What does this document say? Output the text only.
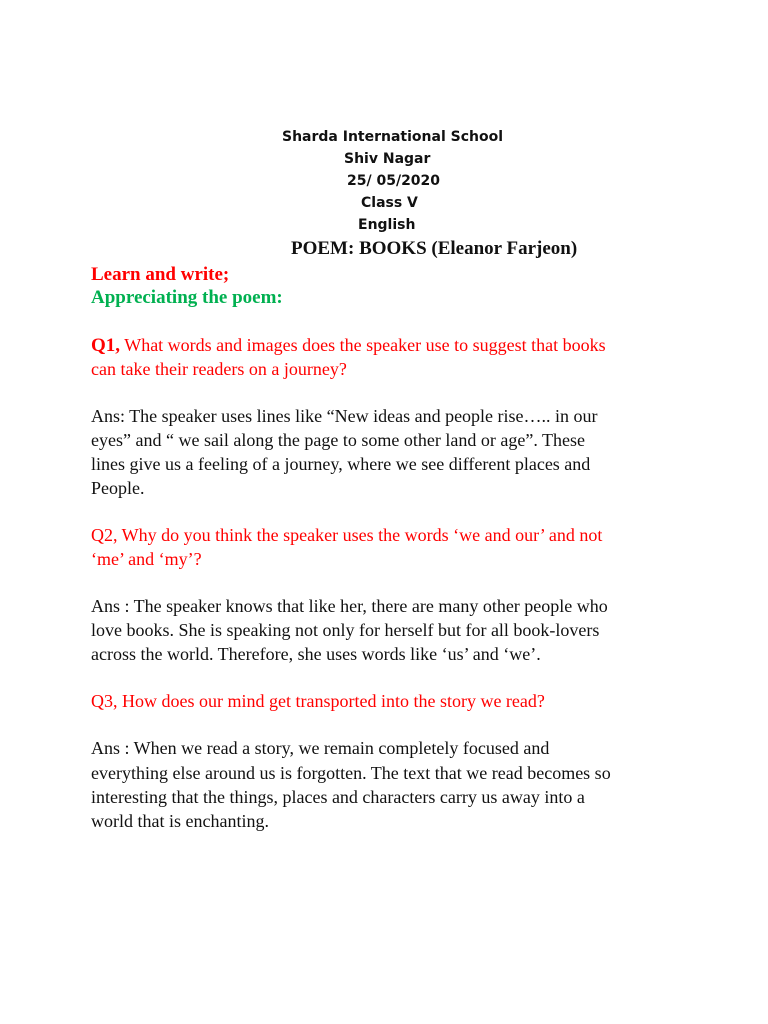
Sharda International School
Shiv Nagar
25/ 05/2020
Class V
English
POEM: BOOKS (Eleanor Farjeon)
Learn and write;
Appreciating the poem:
Q1, What words and images does the speaker use to suggest that books
can take their readers on a journey?
Ans: The speaker uses lines like “New ideas and people rise….. in our
eyes” and “ we sail along the page to some other land or age”. These
lines give us a feeling of a journey, where we see different places and
People.
Q2, Why do you think the speaker uses the words ‘we and our’ and not
‘me’ and ‘my’?
Ans : The speaker knows that like her, there are many other people who
love books. She is speaking not only for herself but for all book-lovers
across the world. Therefore, she uses words like ‘us’ and ‘we’.
Q3, How does our mind get transported into the story we read?
Ans : When we read a story, we remain completely focused and
everything else around us is forgotten. The text that we read becomes so
interesting that the things, places and characters carry us away into a
world that is enchanting.
